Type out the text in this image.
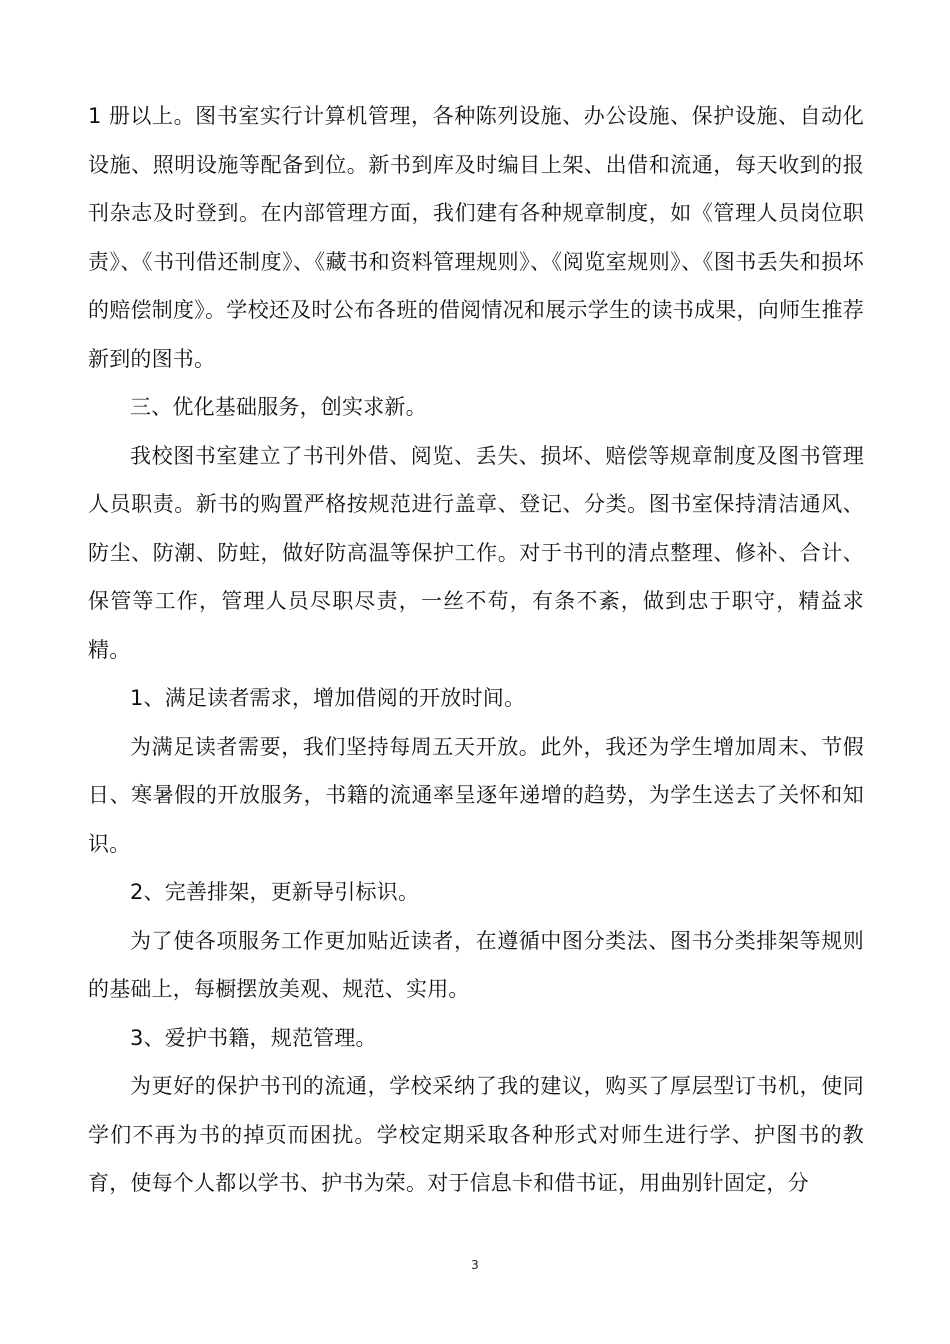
1 册以上。图书室实行计算机管理，各种陈列设施、办公设施、保护设施、自动化设施、照明设施等配备到位。新书到库及时编目上架、出借和流通，每天收到的报刊杂志及时登到。在内部管理方面，我们建有各种规章制度，如《管理人员岗位职责》、《书刊借还制度》、《藏书和资料管理规则》、《阅览室规则》、《图书丢失和损坏的赔偿制度》。学校还及时公布各班的借阅情况和展示学生的读书成果，向师生推荐新到的图书。

三、优化基础服务，创实求新。

我校图书室建立了书刊外借、阅览、丢失、损坏、赔偿等规章制度及图书管理人员职责。新书的购置严格按规范进行盖章、登记、分类。图书室保持清洁通风、防尘、防潮、防蛀，做好防高温等保护工作。对于书刊的清点整理、修补、合计、保管等工作，管理人员尽职尽责，一丝不苟，有条不紊，做到忠于职守，精益求精。

1、满足读者需求，增加借阅的开放时间。

为满足读者需要，我们坚持每周五天开放。此外，我还为学生增加周末、节假日、寒暑假的开放服务，书籍的流通率呈逐年递增的趋势，为学生送去了关怀和知识。

2、完善排架，更新导引标识。

为了使各项服务工作更加贴近读者，在遵循中图分类法、图书分类排架等规则的基础上，每橱摆放美观、规范、实用。

3、爱护书籍，规范管理。

为更好的保护书刊的流通，学校采纳了我的建议，购买了厚层型订书机，使同学们不再为书的掉页而困扰。学校定期采取各种形式对师生进行学、护图书的教育，使每个人都以学书、护书为荣。对于信息卡和借书证，用曲别针固定，分

3
